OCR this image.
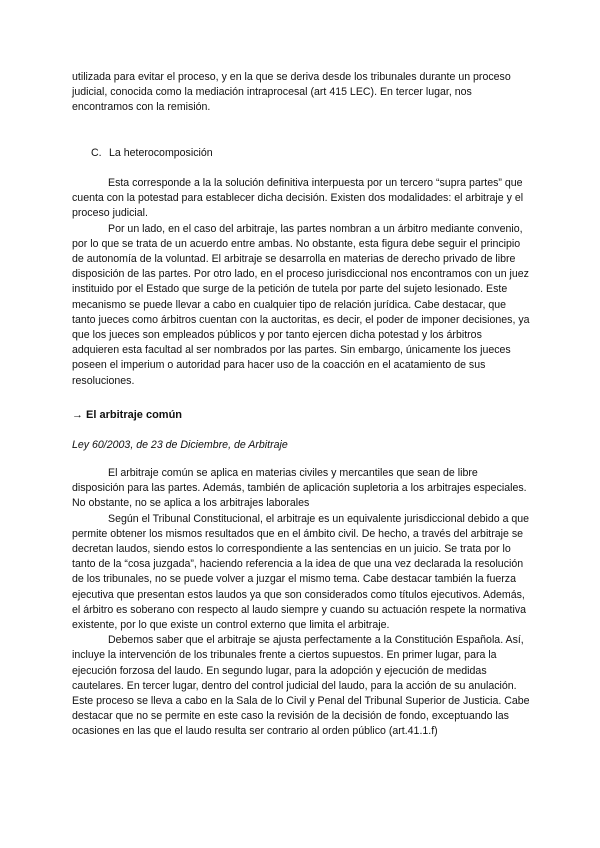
utilizada para evitar el proceso, y en la que se deriva desde los tribunales durante un proceso judicial, conocida como la mediación intraprocesal (art 415 LEC). En tercer lugar, nos encontramos con la remisión.

C. La heterocomposición

Esta corresponde a la la solución definitiva interpuesta por un tercero “supra partes” que cuenta con la potestad para establecer dicha decisión. Existen dos modalidades: el arbitraje y el proceso judicial.

Por un lado, en el caso del arbitraje, las partes nombran a un árbitro mediante convenio, por lo que se trata de un acuerdo entre ambas. No obstante, esta figura debe seguir el principio de autonomía de la voluntad. El arbitraje se desarrolla en materias de derecho privado de libre disposición de las partes. Por otro lado, en el proceso jurisdiccional nos encontramos con un juez instituido por el Estado que surge de la petición de tutela por parte del sujeto lesionado. Este mecanismo se puede llevar a cabo en cualquier tipo de relación jurídica. Cabe destacar, que tanto jueces como árbitros cuentan con la auctoritas, es decir, el poder de imponer decisiones, ya que los jueces son empleados públicos y por tanto ejercen dicha potestad y los árbitros adquieren esta facultad al ser nombrados por las partes. Sin embargo, únicamente los jueces poseen el imperium o autoridad para hacer uso de la coacción en el acatamiento de sus resoluciones.

→ El arbitraje común
Ley 60/2003, de 23 de Diciembre, de Arbitraje

El arbitraje común se aplica en materias civiles y mercantiles que sean de libre disposición para las partes. Además, también de aplicación supletoria a los arbitrajes especiales. No obstante, no se aplica a los arbitrajes laborales

Según el Tribunal Constitucional, el arbitraje es un equivalente jurisdiccional debido a que permite obtener los mismos resultados que en el ámbito civil. De hecho, a través del arbitraje se decretan laudos, siendo estos lo correspondiente a las sentencias en un juicio. Se trata por lo tanto de la “cosa juzgada”, haciendo referencia a la idea de que una vez declarada la resolución de los tribunales, no se puede volver a juzgar el mismo tema. Cabe destacar también la fuerza ejecutiva que presentan estos laudos ya que son considerados como títulos ejecutivos. Además, el árbitro es soberano con respecto al laudo siempre y cuando su actuación respete la normativa existente, por lo que existe un control externo que limita el arbitraje.

Debemos saber que el arbitraje se ajusta perfectamente a la Constitución Española. Así, incluye la intervención de los tribunales frente a ciertos supuestos. En primer lugar, para la ejecución forzosa del laudo. En segundo lugar, para la adopción y ejecución de medidas cautelares. En tercer lugar, dentro del control judicial del laudo, para la acción de su anulación. Este proceso se lleva a cabo en la Sala de lo Civil y Penal del Tribunal Superior de Justicia. Cabe destacar que no se permite en este caso la revisión de la decisión de fondo, exceptuando las ocasiones en las que el laudo resulta ser contrario al orden público (art.41.1.f)
